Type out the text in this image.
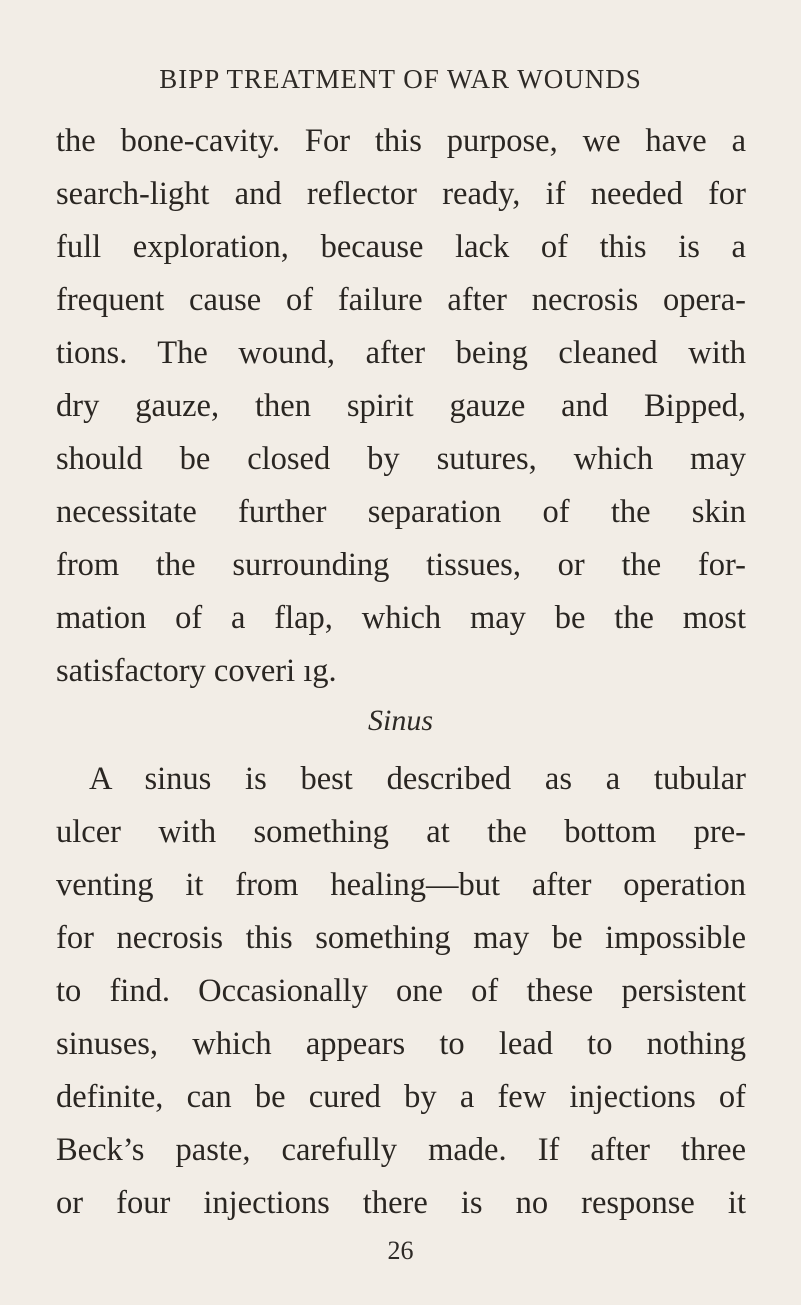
BIPP TREATMENT OF WAR WOUNDS
the bone-cavity. For this purpose, we have a
search-light and reflector ready, if needed for
full exploration, because lack of this is a
frequent cause of failure after necrosis opera-
tions. The wound, after being cleaned with
dry gauze, then spirit gauze and Bipped,
should be closed by sutures, which may
necessitate further separation of the skin
from the surrounding tissues, or the for-
mation of a flap, which may be the most
satisfactory coveri ıg.
Sinus
A sinus is best described as a tubular
ulcer with something at the bottom pre-
venting it from healing—but after operation
for necrosis this something may be impossible
to find. Occasionally one of these persistent
sinuses, which appears to lead to nothing
definite, can be cured by a few injections of
Beck’s paste, carefully made. If after three
or four injections there is no response it
26
